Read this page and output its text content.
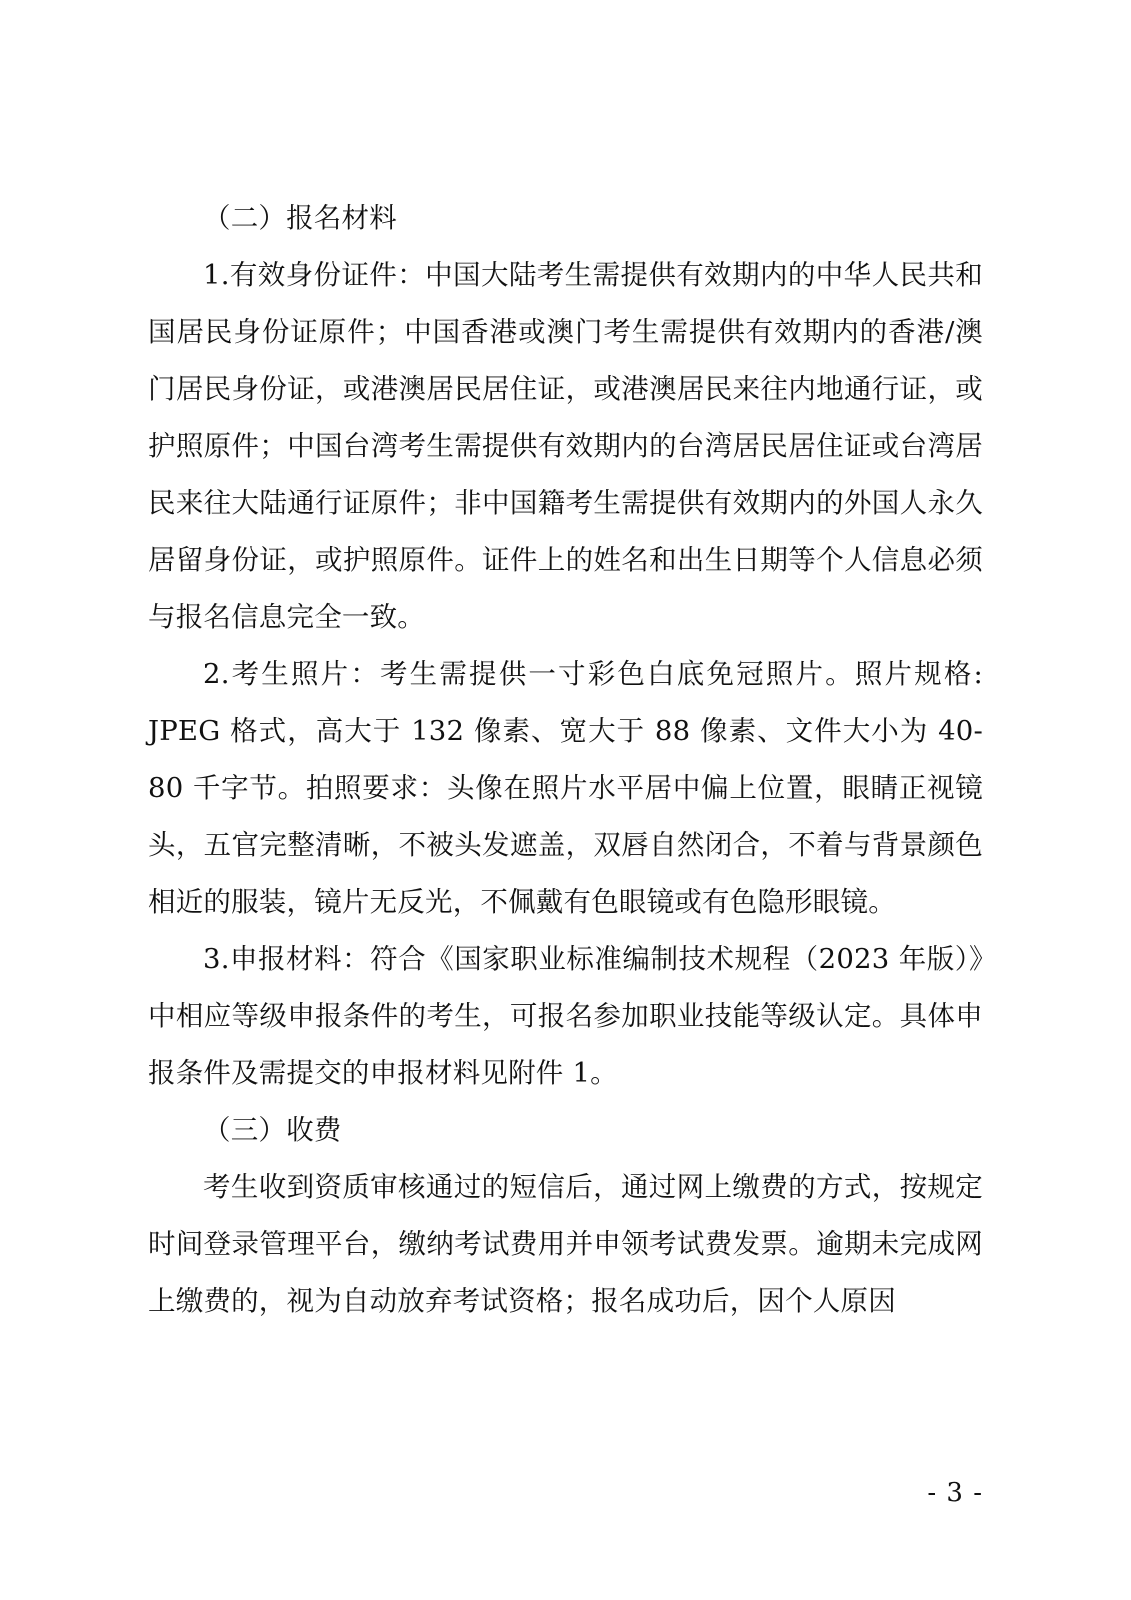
（二）报名材料

1.有效身份证件：中国大陆考生需提供有效期内的中华人民共和国居民身份证原件；中国香港或澳门考生需提供有效期内的香港/澳门居民身份证，或港澳居民居住证，或港澳居民来往内地通行证，或护照原件；中国台湾考生需提供有效期内的台湾居民居住证或台湾居民来往大陆通行证原件；非中国籍考生需提供有效期内的外国人永久居留身份证，或护照原件。证件上的姓名和出生日期等个人信息必须与报名信息完全一致。

2.考生照片：考生需提供一寸彩色白底免冠照片。照片规格: JPEG 格式，高大于 132 像素、宽大于 88 像素、文件大小为 40-80 千字节。拍照要求：头像在照片水平居中偏上位置，眼睛正视镜头，五官完整清晰，不被头发遮盖，双唇自然闭合，不着与背景颜色相近的服装，镜片无反光，不佩戴有色眼镜或有色隐形眼镜。

3.申报材料：符合《国家职业标准编制技术规程（2023 年版）》中相应等级申报条件的考生，可报名参加职业技能等级认定。具体申报条件及需提交的申报材料见附件 1。

（三）收费

考生收到资质审核通过的短信后，通过网上缴费的方式，按规定时间登录管理平台，缴纳考试费用并申领考试费发票。逾期未完成网上缴费的，视为自动放弃考试资格；报名成功后，因个人原因

- 3 -
